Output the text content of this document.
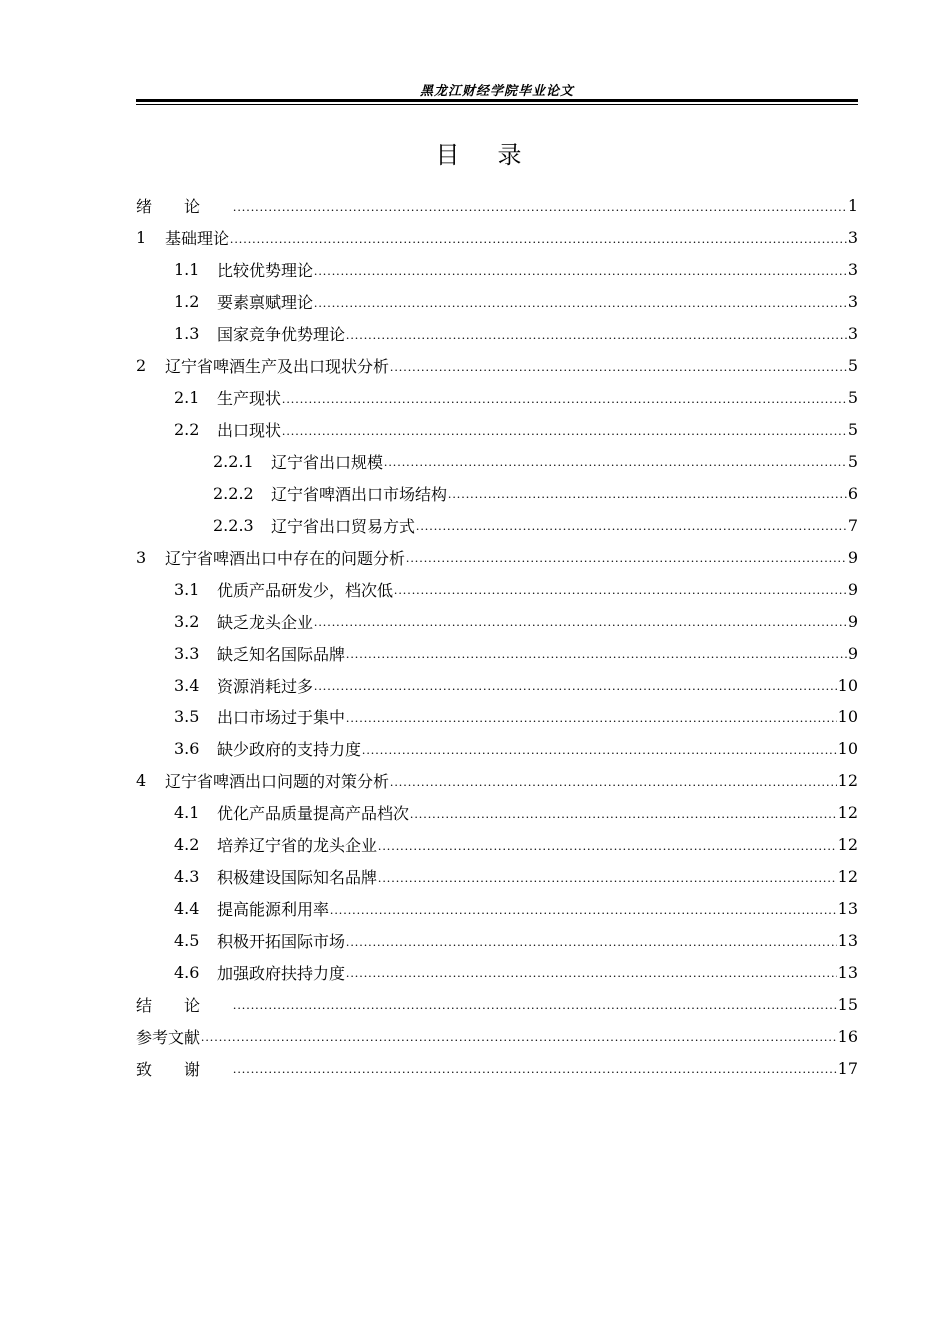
黑龙江财经学院毕业论文
目录
绪论 .....	1
1	基础理论 .....	3
1.1	比较优势理论 .....	3
1.2	要素禀赋理论 .....	3
1.3	国家竞争优势理论 .....	3
2	辽宁省啤酒生产及出口现状分析 .....	5
2.1	生产现状 .....	5
2.2	出口现状 .....	5
2.2.1	辽宁省出口规模 .....	5
2.2.2	辽宁省啤酒出口市场结构 .....	6
2.2.3	辽宁省出口贸易方式 .....	7
3	辽宁省啤酒出口中存在的问题分析 .....	9
3.1	优质产品研发少，档次低 .....	9
3.2	缺乏龙头企业 .....	9
3.3	缺乏知名国际品牌 .....	9
3.4	资源消耗过多 .....	10
3.5	出口市场过于集中 .....	10
3.6	缺少政府的支持力度 .....	10
4	辽宁省啤酒出口问题的对策分析 .....	12
4.1	优化产品质量提高产品档次 .....	12
4.2	培养辽宁省的龙头企业 .....	12
4.3	积极建设国际知名品牌 .....	12
4.4	提高能源利用率 .....	13
4.5	积极开拓国际市场 .....	13
4.6	加强政府扶持力度 .....	13
结论 .....	15
参考文献 .....	16
致谢 .....	17
